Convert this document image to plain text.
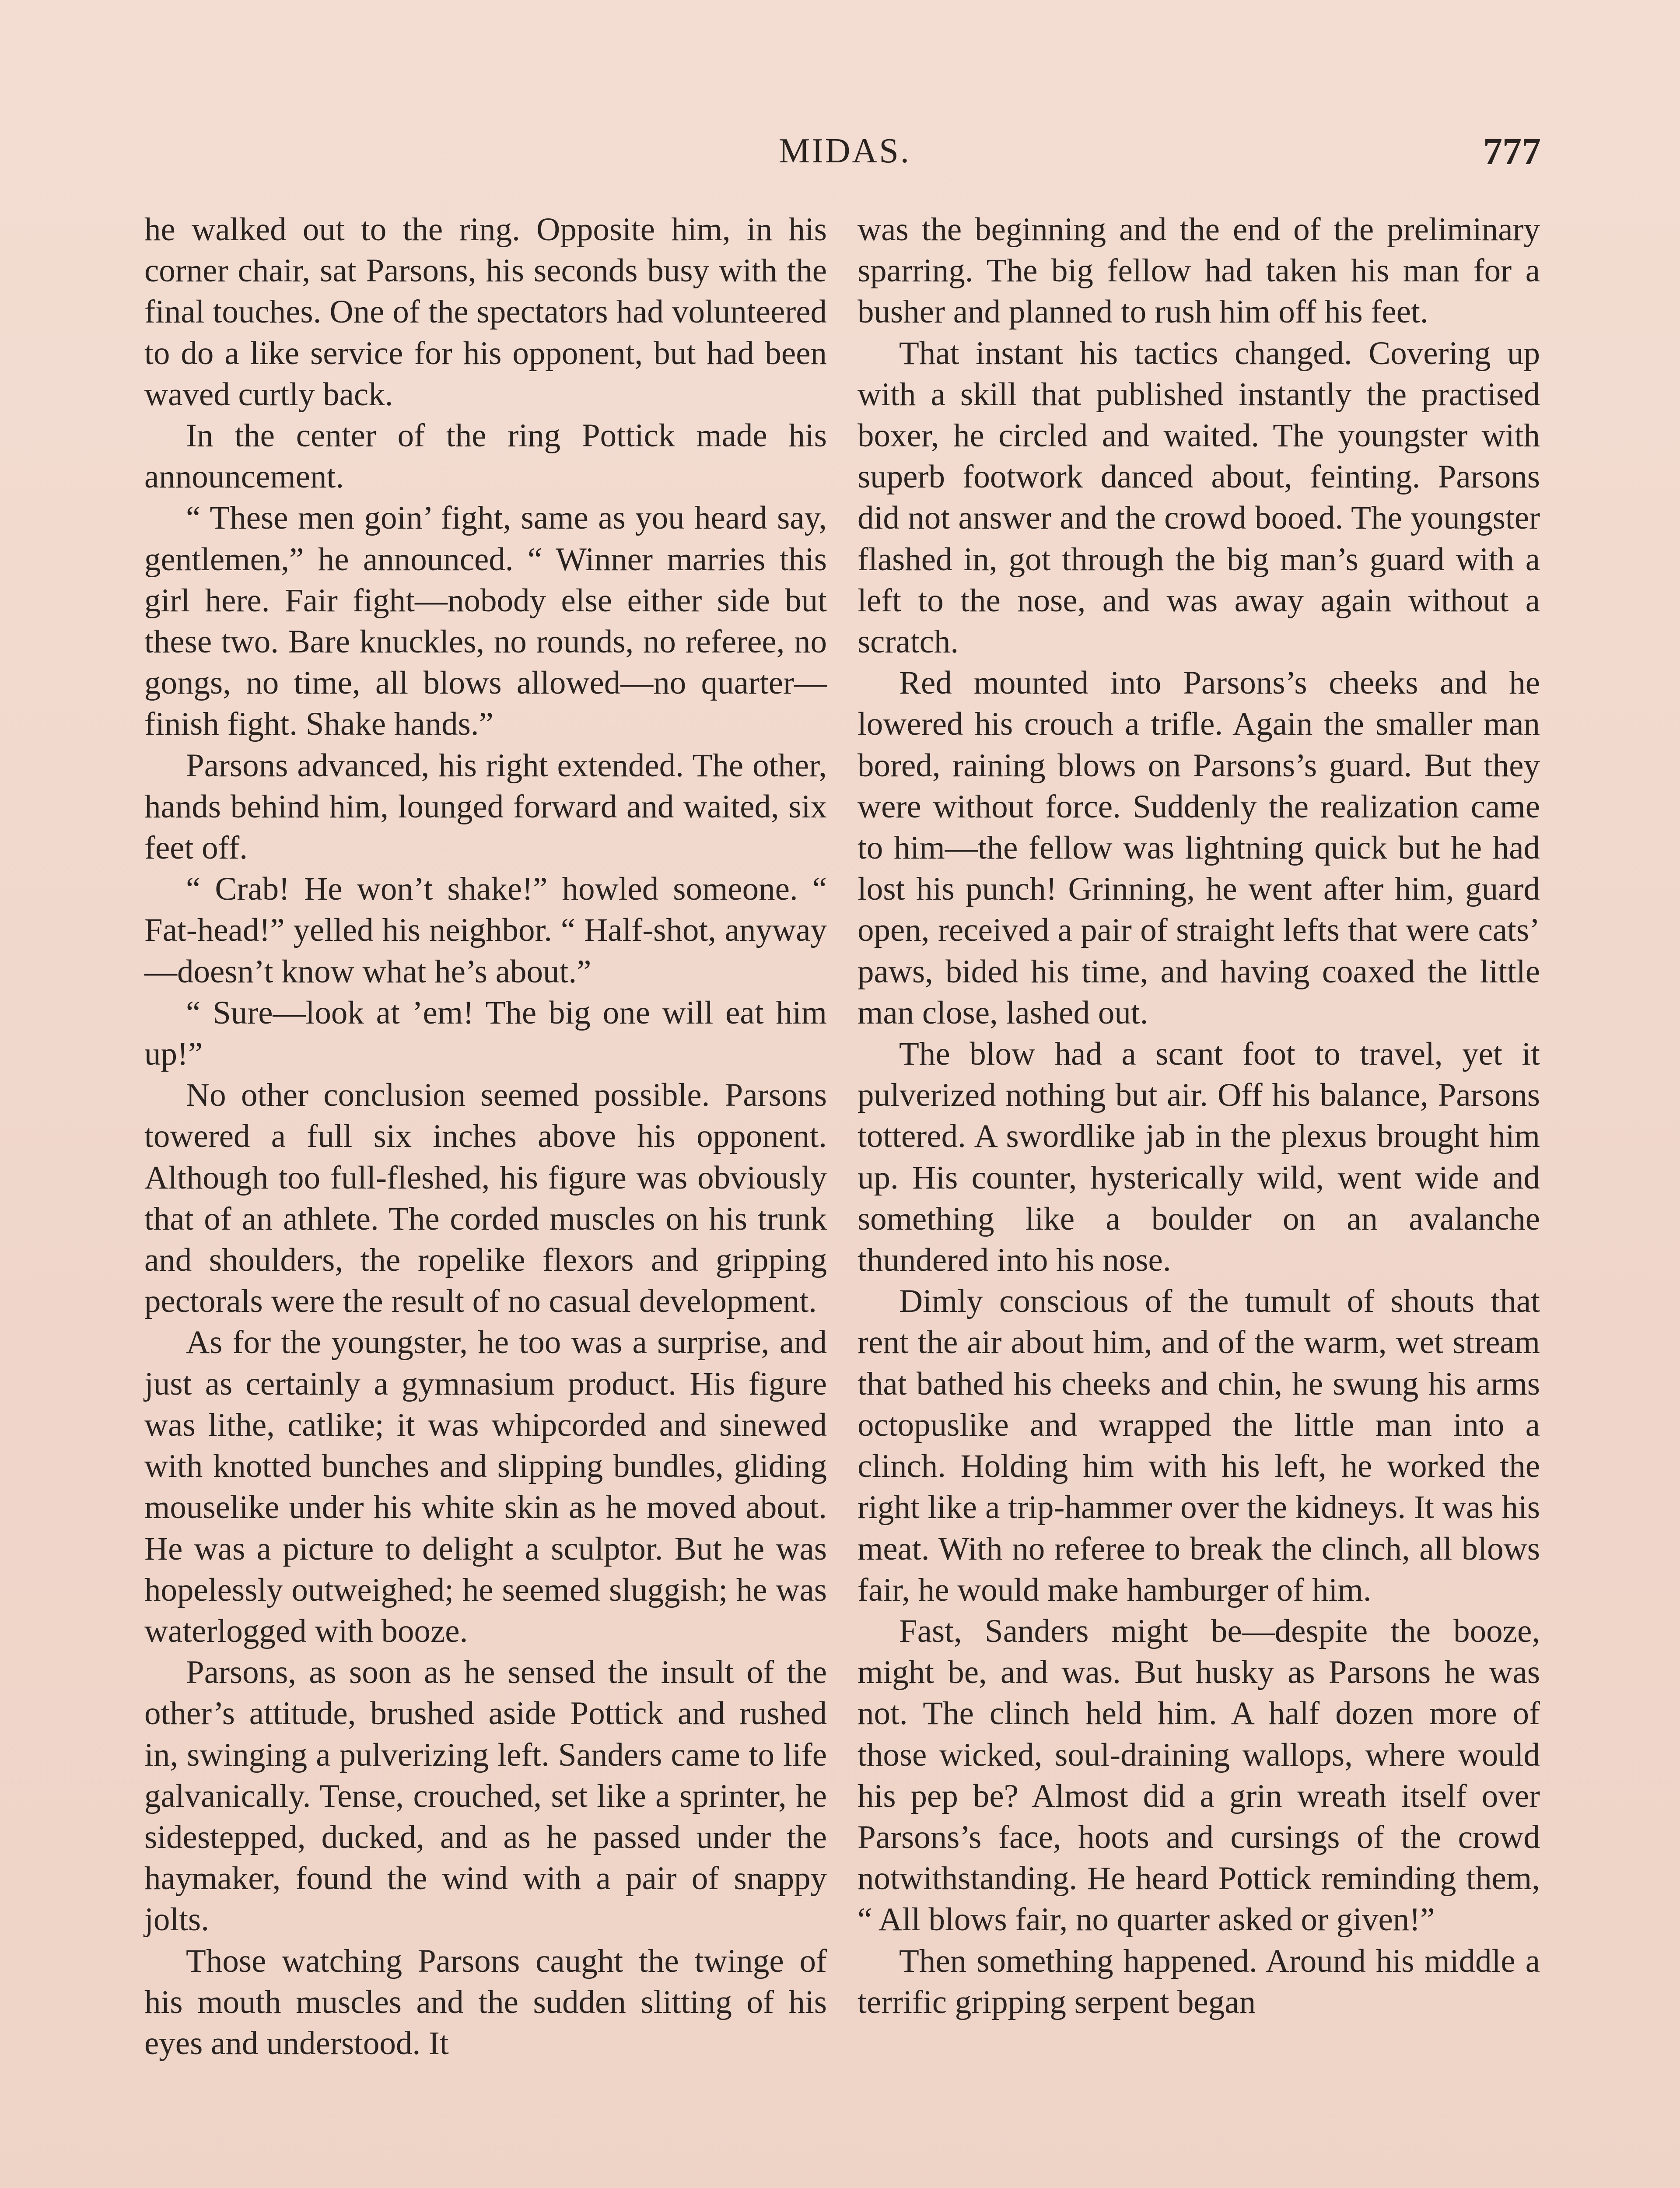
MIDAS.	777

he walked out to the ring. Opposite him, in his corner chair, sat Parsons, his seconds busy with the final touches. One of the spectators had volunteered to do a like service for his opponent, but had been waved curtly back.

In the center of the ring Pottick made his announcement.

“ These men goin’ fight, same as you heard say, gentlemen,” he announced. “ Winner marries this girl here. Fair fight—nobody else either side but these two. Bare knuckles, no rounds, no referee, no gongs, no time, all blows allowed—no quarter—finish fight. Shake hands.”

Parsons advanced, his right extended. The other, hands behind him, lounged forward and waited, six feet off.

“ Crab! He won’t shake!” howled someone. “ Fat-head!” yelled his neighbor. “ Half-shot, anyway—doesn’t know what he’s about.”

“ Sure—look at ’em! The big one will eat him up!”

No other conclusion seemed possible. Parsons towered a full six inches above his opponent. Although too full-fleshed, his figure was obviously that of an athlete. The corded muscles on his trunk and shoulders, the ropelike flexors and gripping pectorals were the result of no casual development.

As for the youngster, he too was a surprise, and just as certainly a gymnasium product. His figure was lithe, catlike; it was whipcorded and sinewed with knotted bunches and slipping bundles, gliding mouselike under his white skin as he moved about. He was a picture to delight a sculptor. But he was hopelessly outweighed; he seemed sluggish; he was waterlogged with booze.

Parsons, as soon as he sensed the insult of the other’s attitude, brushed aside Pottick and rushed in, swinging a pulverizing left. Sanders came to life galvanically. Tense, crouched, set like a sprinter, he sidestepped, ducked, and as he passed under the haymaker, found the wind with a pair of snappy jolts.

Those watching Parsons caught the twinge of his mouth muscles and the sudden slitting of his eyes and understood. It

was the beginning and the end of the preliminary sparring. The big fellow had taken his man for a busher and planned to rush him off his feet.

That instant his tactics changed. Covering up with a skill that published instantly the practised boxer, he circled and waited. The youngster with superb footwork danced about, feinting. Parsons did not answer and the crowd booed. The youngster flashed in, got through the big man’s guard with a left to the nose, and was away again without a scratch.

Red mounted into Parsons’s cheeks and he lowered his crouch a trifle. Again the smaller man bored, raining blows on Parsons’s guard. But they were without force. Suddenly the realization came to him—the fellow was lightning quick but he had lost his punch! Grinning, he went after him, guard open, received a pair of straight lefts that were cats’ paws, bided his time, and having coaxed the little man close, lashed out.

The blow had a scant foot to travel, yet it pulverized nothing but air. Off his balance, Parsons tottered. A swordlike jab in the plexus brought him up. His counter, hysterically wild, went wide and something like a boulder on an avalanche thundered into his nose.

Dimly conscious of the tumult of shouts that rent the air about him, and of the warm, wet stream that bathed his cheeks and chin, he swung his arms octopuslike and wrapped the little man into a clinch. Holding him with his left, he worked the right like a trip-hammer over the kidneys. It was his meat. With no referee to break the clinch, all blows fair, he would make hamburger of him.

Fast, Sanders might be—despite the booze, might be, and was. But husky as Parsons he was not. The clinch held him. A half dozen more of those wicked, soul-draining wallops, where would his pep be? Almost did a grin wreath itself over Parsons’s face, hoots and cursings of the crowd notwithstanding. He heard Pottick reminding them, “ All blows fair, no quarter asked or given!”

Then something happened. Around his middle a terrific gripping serpent began
